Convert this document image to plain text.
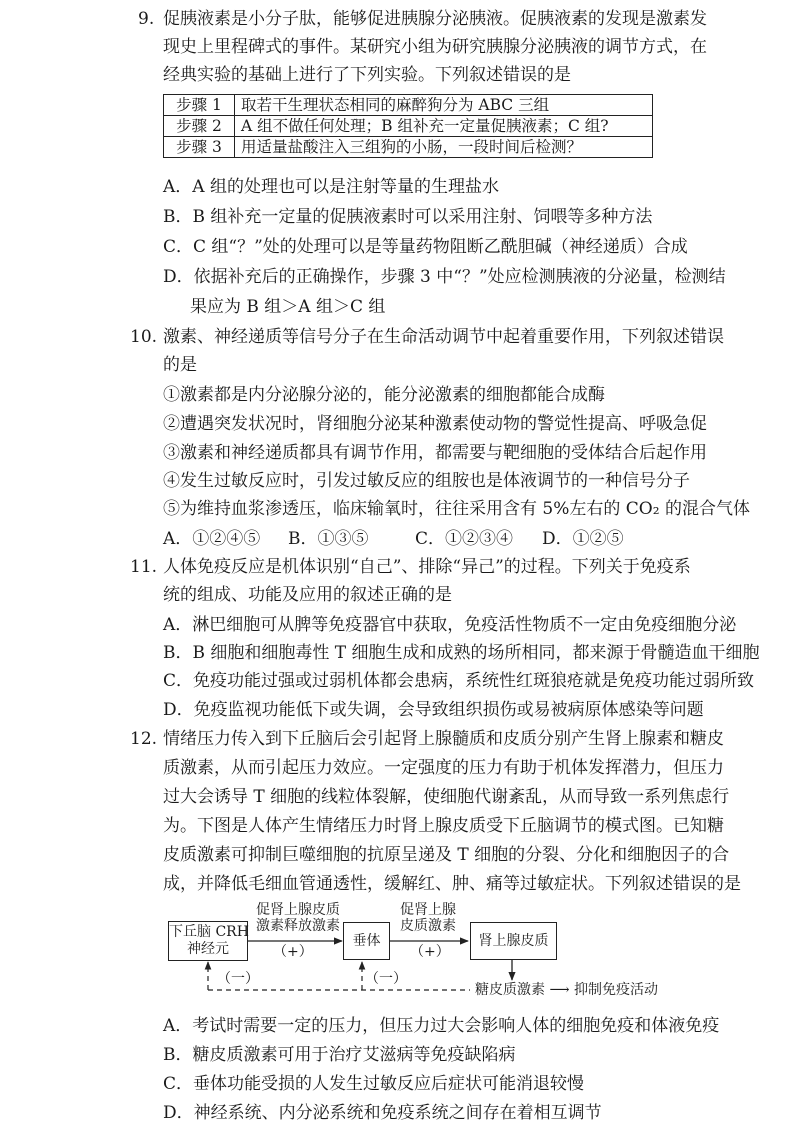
9. 促胰液素是小分子肽，能够促进胰腺分泌胰液。促胰液素的发现是激素发
现史上里程碑式的事件。某研究小组为研究胰腺分泌胰液的调节方式，在
经典实验的基础上进行了下列实验。下列叙述错误的是
步骤 1	取若干生理状态相同的麻醉狗分为 ABC 三组
步骤 2	A 组不做任何处理；B 组补充一定量促胰液素；C 组?
步骤 3	用适量盐酸注入三组狗的小肠，一段时间后检测？
A．A 组的处理也可以是注射等量的生理盐水
B．B 组补充一定量的促胰液素时可以采用注射、饲喂等多种方法
C．C 组“？”处的处理可以是等量药物阻断乙酰胆碱（神经递质）合成
D．依据补充后的正确操作，步骤 3 中“？”处应检测胰液的分泌量，检测结
果应为 B 组＞A 组＞C 组
10. 激素、神经递质等信号分子在生命活动调节中起着重要作用，下列叙述错误
的是
①激素都是内分泌腺分泌的，能分泌激素的细胞都能合成酶
②遭遇突发状况时，肾细胞分泌某种激素使动物的警觉性提高、呼吸急促
③激素和神经递质都具有调节作用，都需要与靶细胞的受体结合后起作用
④发生过敏反应时，引发过敏反应的组胺也是体液调节的一种信号分子
⑤为维持血浆渗透压，临床输氧时，往往采用含有 5%左右的 CO₂ 的混合气体
A．①②④⑤ B．①③⑤	C．①②③④ D．①②⑤
11. 人体免疫反应是机体识别“自己”、排除“异己”的过程。下列关于免疫系
统的组成、功能及应用的叙述正确的是
A．淋巴细胞可从脾等免疫器官中获取，免疫活性物质不一定由免疫细胞分泌
B．B 细胞和细胞毒性 T 细胞生成和成熟的场所相同，都来源于骨髓造血干细胞
C．免疫功能过强或过弱机体都会患病，系统性红斑狼疮就是免疫功能过弱所致
D．免疫监视功能低下或失调，会导致组织损伤或易被病原体感染等问题
12. 情绪压力传入到下丘脑后会引起肾上腺髓质和皮质分别产生肾上腺素和糖皮
质激素，从而引起压力效应。一定强度的压力有助于机体发挥潜力，但压力
过大会诱导 T 细胞的线粒体裂解，使细胞代谢紊乱，从而导致一系列焦虑行
为。下图是人体产生情绪压力时肾上腺皮质受下丘脑调节的模式图。已知糖
皮质激素可抑制巨噬细胞的抗原呈递及 T 细胞的分裂、分化和细胞因子的合
成，并降低毛细血管通透性，缓解红、肿、痛等过敏症状。下列叙述错误的是
下丘脑 CRH
神经元
促肾上腺皮质
激素释放激素
（+）
垂体
促肾上腺
皮质激素
（+）
肾上腺皮质
（一）	（一）
糖皮质激素 ⟶ 抑制免疫活动
A．考试时需要一定的压力，但压力过大会影响人体的细胞免疫和体液免疫
B．糖皮质激素可用于治疗艾滋病等免疫缺陷病
C．垂体功能受损的人发生过敏反应后症状可能消退较慢
D．神经系统、内分泌系统和免疫系统之间存在着相互调节
